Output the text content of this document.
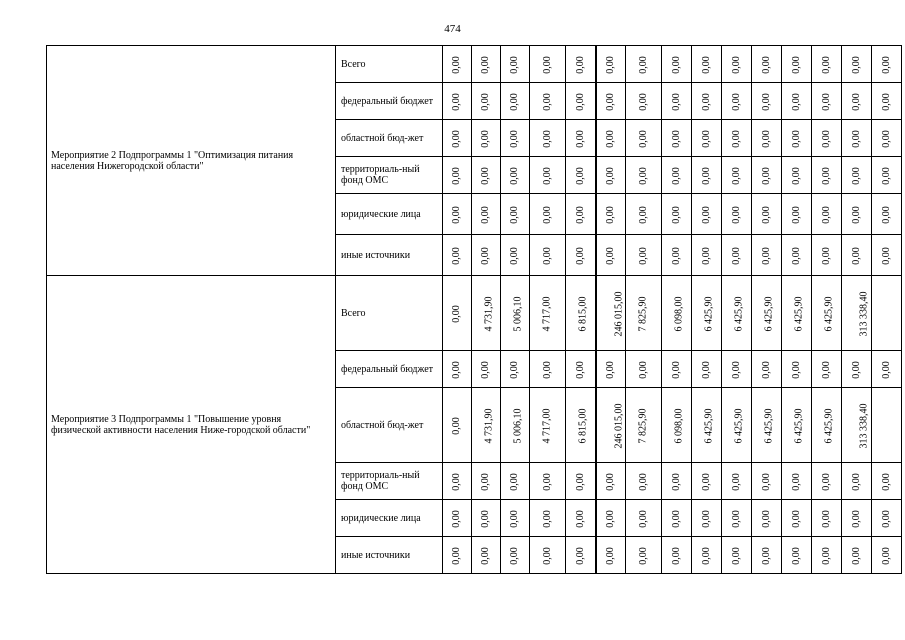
474
Мероприятие 2 Подпрограммы 1 "Оптимизация питания населения Нижегородской области"	Всего	0,00	0,00	0,00	0,00	0,00	0,00	0,00	0,00	0,00	0,00	0,00	0,00	0,00	0,00	0,00
	федеральный бюджет	0,00	0,00	0,00	0,00	0,00	0,00	0,00	0,00	0,00	0,00	0,00	0,00	0,00	0,00	0,00
	областной бюд-жет	0,00	0,00	0,00	0,00	0,00	0,00	0,00	0,00	0,00	0,00	0,00	0,00	0,00	0,00	0,00
	территориаль-ный фонд ОМС	0,00	0,00	0,00	0,00	0,00	0,00	0,00	0,00	0,00	0,00	0,00	0,00	0,00	0,00	0,00
	юридические лица	0,00	0,00	0,00	0,00	0,00	0,00	0,00	0,00	0,00	0,00	0,00	0,00	0,00	0,00	0,00
	иные источники	0,00	0,00	0,00	0,00	0,00	0,00	0,00	0,00	0,00	0,00	0,00	0,00	0,00	0,00	0,00
Мероприятие 3 Подпрограммы 1 "Повышение уровня физической активности населения Ниже-городской области"	Всего	0,00	4 731,90	5 006,10	4 717,00	6 815,00	246 015,00	7 825,90	6 098,00	6 425,90	6 425,90	6 425,90	6 425,90	6 425,90	313 338,40	
	федеральный бюджет	0,00	0,00	0,00	0,00	0,00	0,00	0,00	0,00	0,00	0,00	0,00	0,00	0,00	0,00	0,00
	областной бюд-жет	0,00	4 731,90	5 006,10	4 717,00	6 815,00	246 015,00	7 825,90	6 098,00	6 425,90	6 425,90	6 425,90	6 425,90	6 425,90	313 338,40	
	территориаль-ный фонд ОМС	0,00	0,00	0,00	0,00	0,00	0,00	0,00	0,00	0,00	0,00	0,00	0,00	0,00	0,00	0,00
	юридические лица	0,00	0,00	0,00	0,00	0,00	0,00	0,00	0,00	0,00	0,00	0,00	0,00	0,00	0,00	0,00
	иные источники	0,00	0,00	0,00	0,00	0,00	0,00	0,00	0,00	0,00	0,00	0,00	0,00	0,00	0,00	0,00
